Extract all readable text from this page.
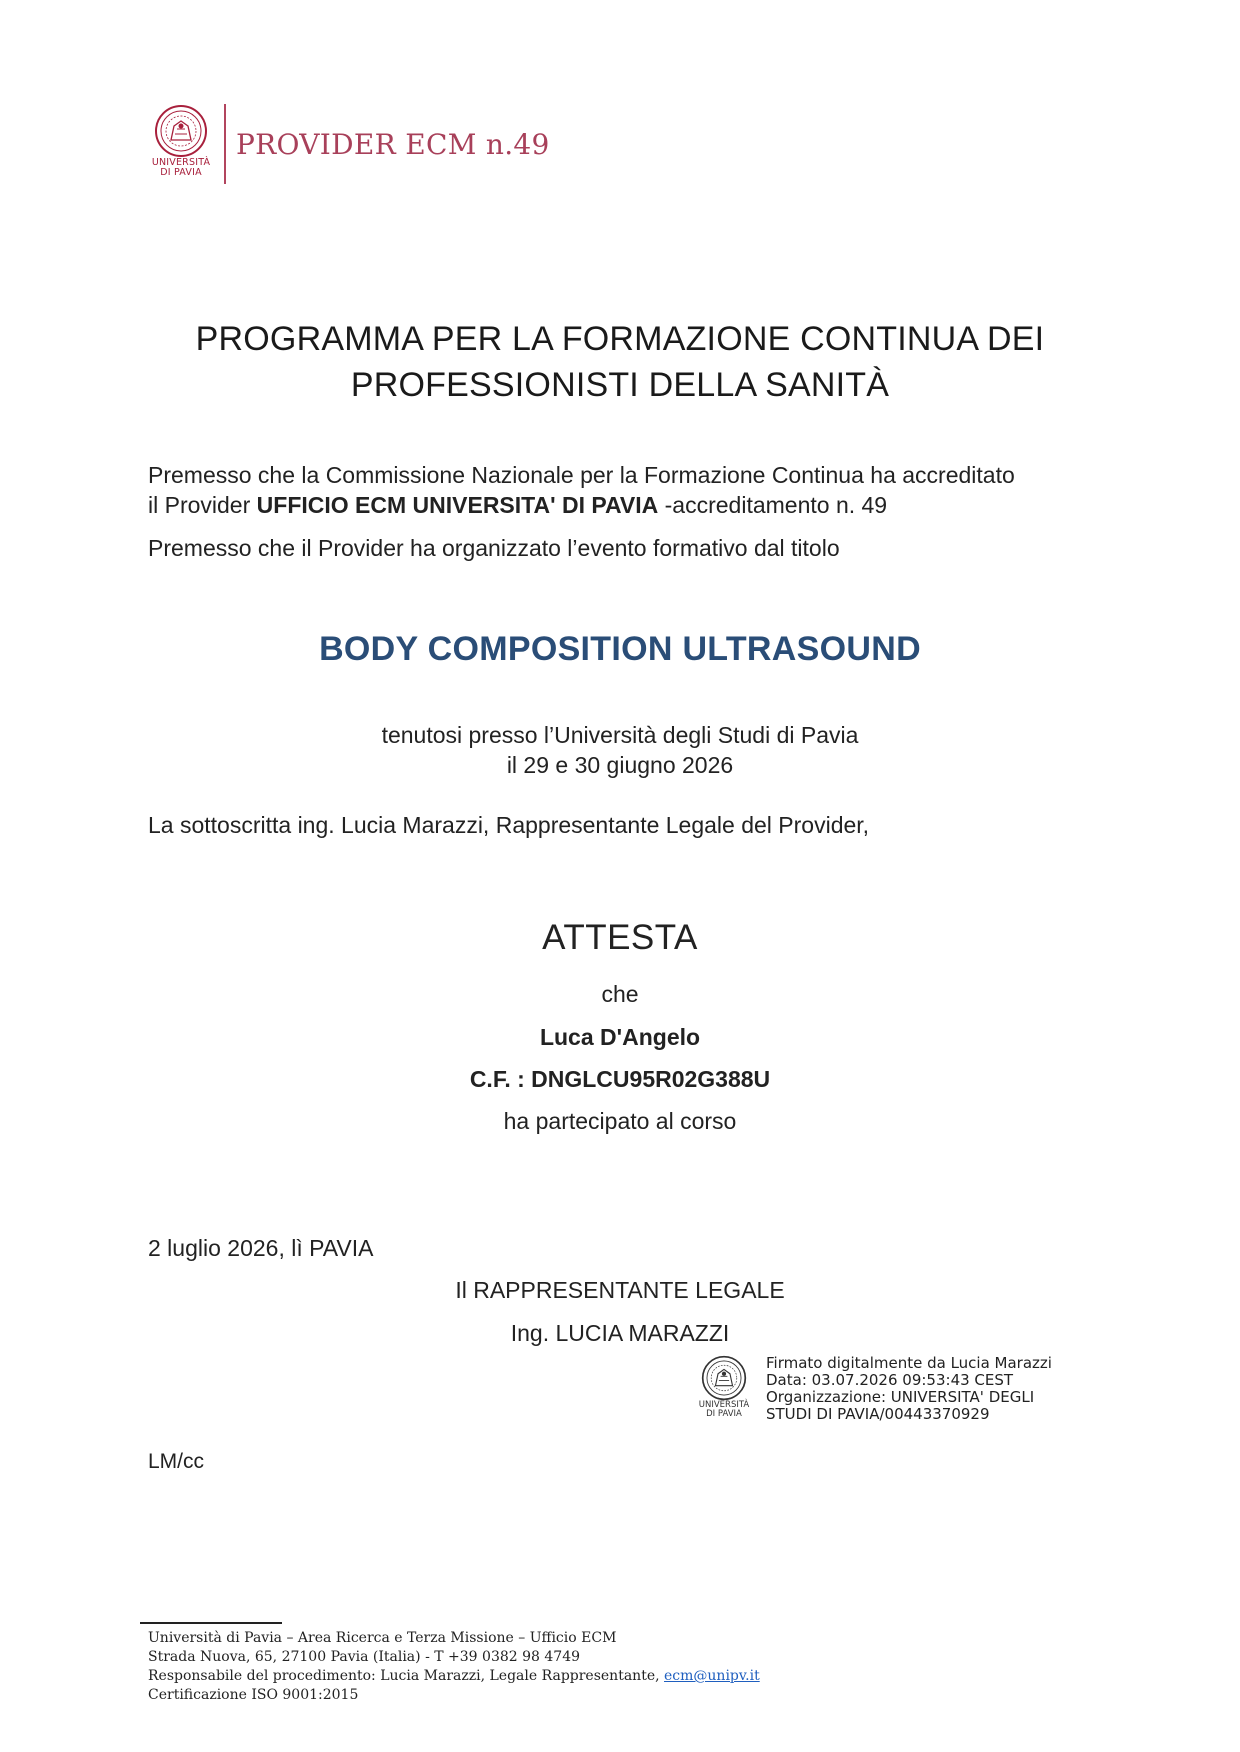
UNIVERSITÀ
DI PAVIA
PROVIDER ECM n.49
PROGRAMMA PER LA FORMAZIONE CONTINUA DEI
PROFESSIONISTI DELLA SANITÀ
Premesso che la Commissione Nazionale per la Formazione Continua ha accreditato
il Provider UFFICIO ECM UNIVERSITA' DI PAVIA -accreditamento n. 49
Premesso che il Provider ha organizzato l’evento formativo dal titolo
BODY COMPOSITION ULTRASOUND
tenutosi presso l’Università degli Studi di Pavia
il 29 e 30 giugno 2026
La sottoscritta ing. Lucia Marazzi, Rappresentante Legale del Provider,
ATTESTA
che
Luca D'Angelo
C.F. : DNGLCU95R02G388U
ha partecipato al corso
2 luglio 2026, lì PAVIA
Il RAPPRESENTANTE LEGALE
Ing. LUCIA MARAZZI
UNIVERSITÀ
DI PAVIA
Firmato digitalmente da Lucia Marazzi
Data: 03.07.2026 09:53:43 CEST
Organizzazione: UNIVERSITA' DEGLI
STUDI DI PAVIA/00443370929
LM/cc
Università di Pavia – Area Ricerca e Terza Missione – Ufficio ECM
Strada Nuova, 65, 27100 Pavia (Italia) - T +39 0382 98 4749
Responsabile del procedimento: Lucia Marazzi, Legale Rappresentante, ecm@unipv.it
Certificazione ISO 9001:2015
